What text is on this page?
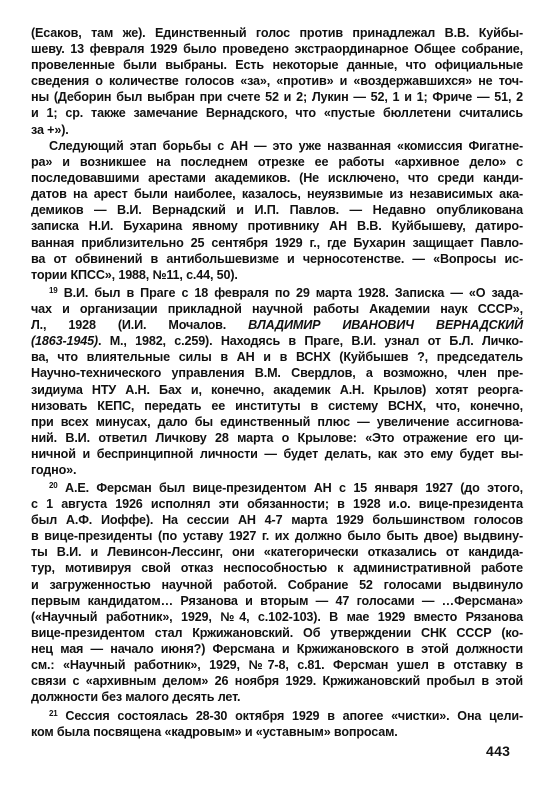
(Есаков, там же). Единственный голос против принадлежал В.В. Куйбы-
шеву. 13 февраля 1929 было проведено экстраординарное Общее собрание,
провеленные были выбраны. Есть некоторые данные, что официальные
сведения о количестве голосов «за», «против» и «воздержавшихся» не точ-
ны (Деборин был выбран при счете 52 и 2; Лукин — 52, 1 и 1; Фриче — 51, 2
и 1; ср. также замечание Вернадского, что «пустые бюллетени считались
за +»).
Следующий этап борьбы с АН — это уже названная «комиссия Фигатне-
ра» и возникшее на последнем отрезке ее работы «архивное дело» с
последовавшими арестами академиков. (Не исключено, что среди канди-
датов на арест были наиболее, казалось, неуязвимые из независимых ака-
демиков — В.И. Вернадский и И.П. Павлов. — Недавно опубликована
записка Н.И. Бухарина явному противнику АН В.В. Куйбышеву, датиро-
ванная приблизительно 25 сентября 1929 г., где Бухарин защищает Павло-
ва от обвинений в антибольшевизме и черносотенстве. — «Вопросы ис-
тории КПСС», 1988, №11, с.44, 50).
$^{19}$ В.И. был в Праге с 18 февраля по 29 марта 1928. Записка — «О зада-
чах и организации прикладной научной работы Академии наук СССР»,
Л., 1928 (И.И. Мочалов. ВЛАДИМИР ИВАНОВИЧ ВЕРНАДСКИЙ
(1863-1945). М., 1982, с.259). Находясь в Праге, В.И. узнал от Б.Л. Личко-
ва, что влиятельные силы в АН и в ВСНХ (Куйбышев ?, председатель
Научно-технического управления В.М. Свердлов, а возможно, член пре-
зидиума НТУ А.Н. Бах и, конечно, академик А.Н. Крылов) хотят реорга-
низовать КЕПС, передать ее институты в систему ВСНХ, что, конечно,
при всех минусах, дало бы единственный плюс — увеличение ассигнова-
ний. В.И. ответил Личкову 28 марта о Крылове: «Это отражение его ци-
ничной и беспринципной личности — будет делать, как это ему будет вы-
годно».
$^{20}$ А.Е. Ферсман был вице-президентом АН с 15 января 1927 (до этого,
с 1 августа 1926 исполнял эти обязанности; в 1928 и.о. вице-президента
был А.Ф. Иоффе). На сессии АН 4-7 марта 1929 большинством голосов
в вице-президенты (по уставу 1927 г. их должно было быть двое) выдвину-
ты В.И. и Левинсон-Лессинг, они «категорически отказались от кандида-
тур, мотивируя свой отказ неспособностью к административной работе
и загруженностью научной работой. Собрание 52 голосами выдвинуло
первым кандидатом… Рязанова и вторым — 47 голосами — …Ферсмана»
(«Научный работник», 1929, №4, с.102-103). В мае 1929 вместо Рязанова
вице-президентом стал Кржижановский. Об утверждении СНК СССР (ко-
нец мая — начало июня?) Ферсмана и Кржижановского в этой должности
см.: «Научный работник», 1929, №7-8, с.81. Ферсман ушел в отставку в
связи с «архивным делом» 26 ноября 1929. Кржижановский пробыл в этой
должности без малого десять лет.
$^{21}$ Сессия состоялась 28-30 октября 1929 в апогее «чистки». Она цели-
ком была посвящена «кадровым» и «уставным» вопросам.
443
